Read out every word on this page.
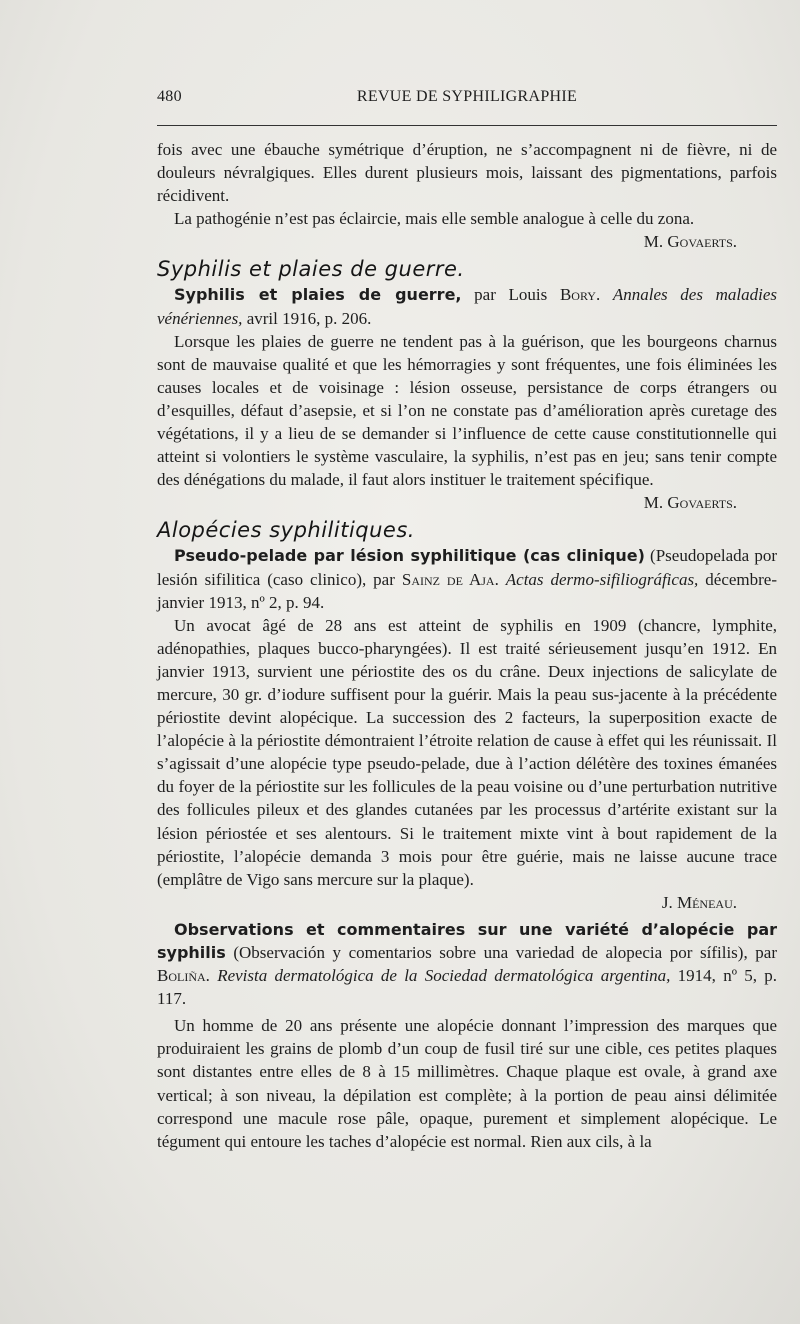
480	REVUE DE SYPHILIGRAPHIE

fois avec une ébauche symétrique d’éruption, ne s’accompagnent ni de fièvre, ni de douleurs névralgiques. Elles durent plusieurs mois, laissant des pigmentations, parfois récidivent.

La pathogénie n’est pas éclaircie, mais elle semble analogue à celle du zona.

M. Govaerts.

Syphilis et plaies de guerre.

Syphilis et plaies de guerre, par Louis Bory. Annales des maladies vénériennes, avril 1916, p. 206.

Lorsque les plaies de guerre ne tendent pas à la guérison, que les bourgeons charnus sont de mauvaise qualité et que les hémorragies y sont fréquentes, une fois éliminées les causes locales et de voisinage : lésion osseuse, persistance de corps étrangers ou d’esquilles, défaut d’asepsie, et si l’on ne constate pas d’amélioration après curetage des végétations, il y a lieu de se demander si l’influence de cette cause constitutionnelle qui atteint si volontiers le système vasculaire, la syphilis, n’est pas en jeu; sans tenir compte des dénégations du malade, il faut alors instituer le traitement spécifique.

M. Govaerts.

Alopécies syphilitiques.

Pseudo-pelade par lésion syphilitique (cas clinique) (Pseudopelada por lesión sifilitica (caso clinico), par Sainz de Aja. Actas dermo-sifiliográficas, décembre-janvier 1913, nº 2, p. 94.

Un avocat âgé de 28 ans est atteint de syphilis en 1909 (chancre, lymphite, adénopathies, plaques bucco-pharyngées). Il est traité sérieusement jusqu’en 1912. En janvier 1913, survient une périostite des os du crâne. Deux injections de salicylate de mercure, 30 gr. d’iodure suffisent pour la guérir. Mais la peau sus-jacente à la précédente périostite devint alopécique. La succession des 2 facteurs, la superposition exacte de l’alopécie à la périostite démontraient l’étroite relation de cause à effet qui les réunissait. Il s’agissait d’une alopécie type pseudo-pelade, due à l’action délétère des toxines émanées du foyer de la périostite sur les follicules de la peau voisine ou d’une perturbation nutritive des follicules pileux et des glandes cutanées par les processus d’artérite existant sur la lésion périostée et ses alentours. Si le traitement mixte vint à bout rapidement de la périostite, l’alopécie demanda 3 mois pour être guérie, mais ne laisse aucune trace (emplâtre de Vigo sans mercure sur la plaque).

J. Méneau.

Observations et commentaires sur une variété d’alopécie par syphilis (Observación y comentarios sobre una variedad de alopecia por sífilis), par Boliña. Revista dermatológica de la Sociedad dermatológica argentina, 1914, nº 5, p. 117.

Un homme de 20 ans présente une alopécie donnant l’impression des marques que produiraient les grains de plomb d’un coup de fusil tiré sur une cible, ces petites plaques sont distantes entre elles de 8 à 15 millimètres. Chaque plaque est ovale, à grand axe vertical; à son niveau, la dépilation est complète; à la portion de peau ainsi délimitée correspond une macule rose pâle, opaque, purement et simplement alopécique. Le tégument qui entoure les taches d’alopécie est normal. Rien aux cils, à la
